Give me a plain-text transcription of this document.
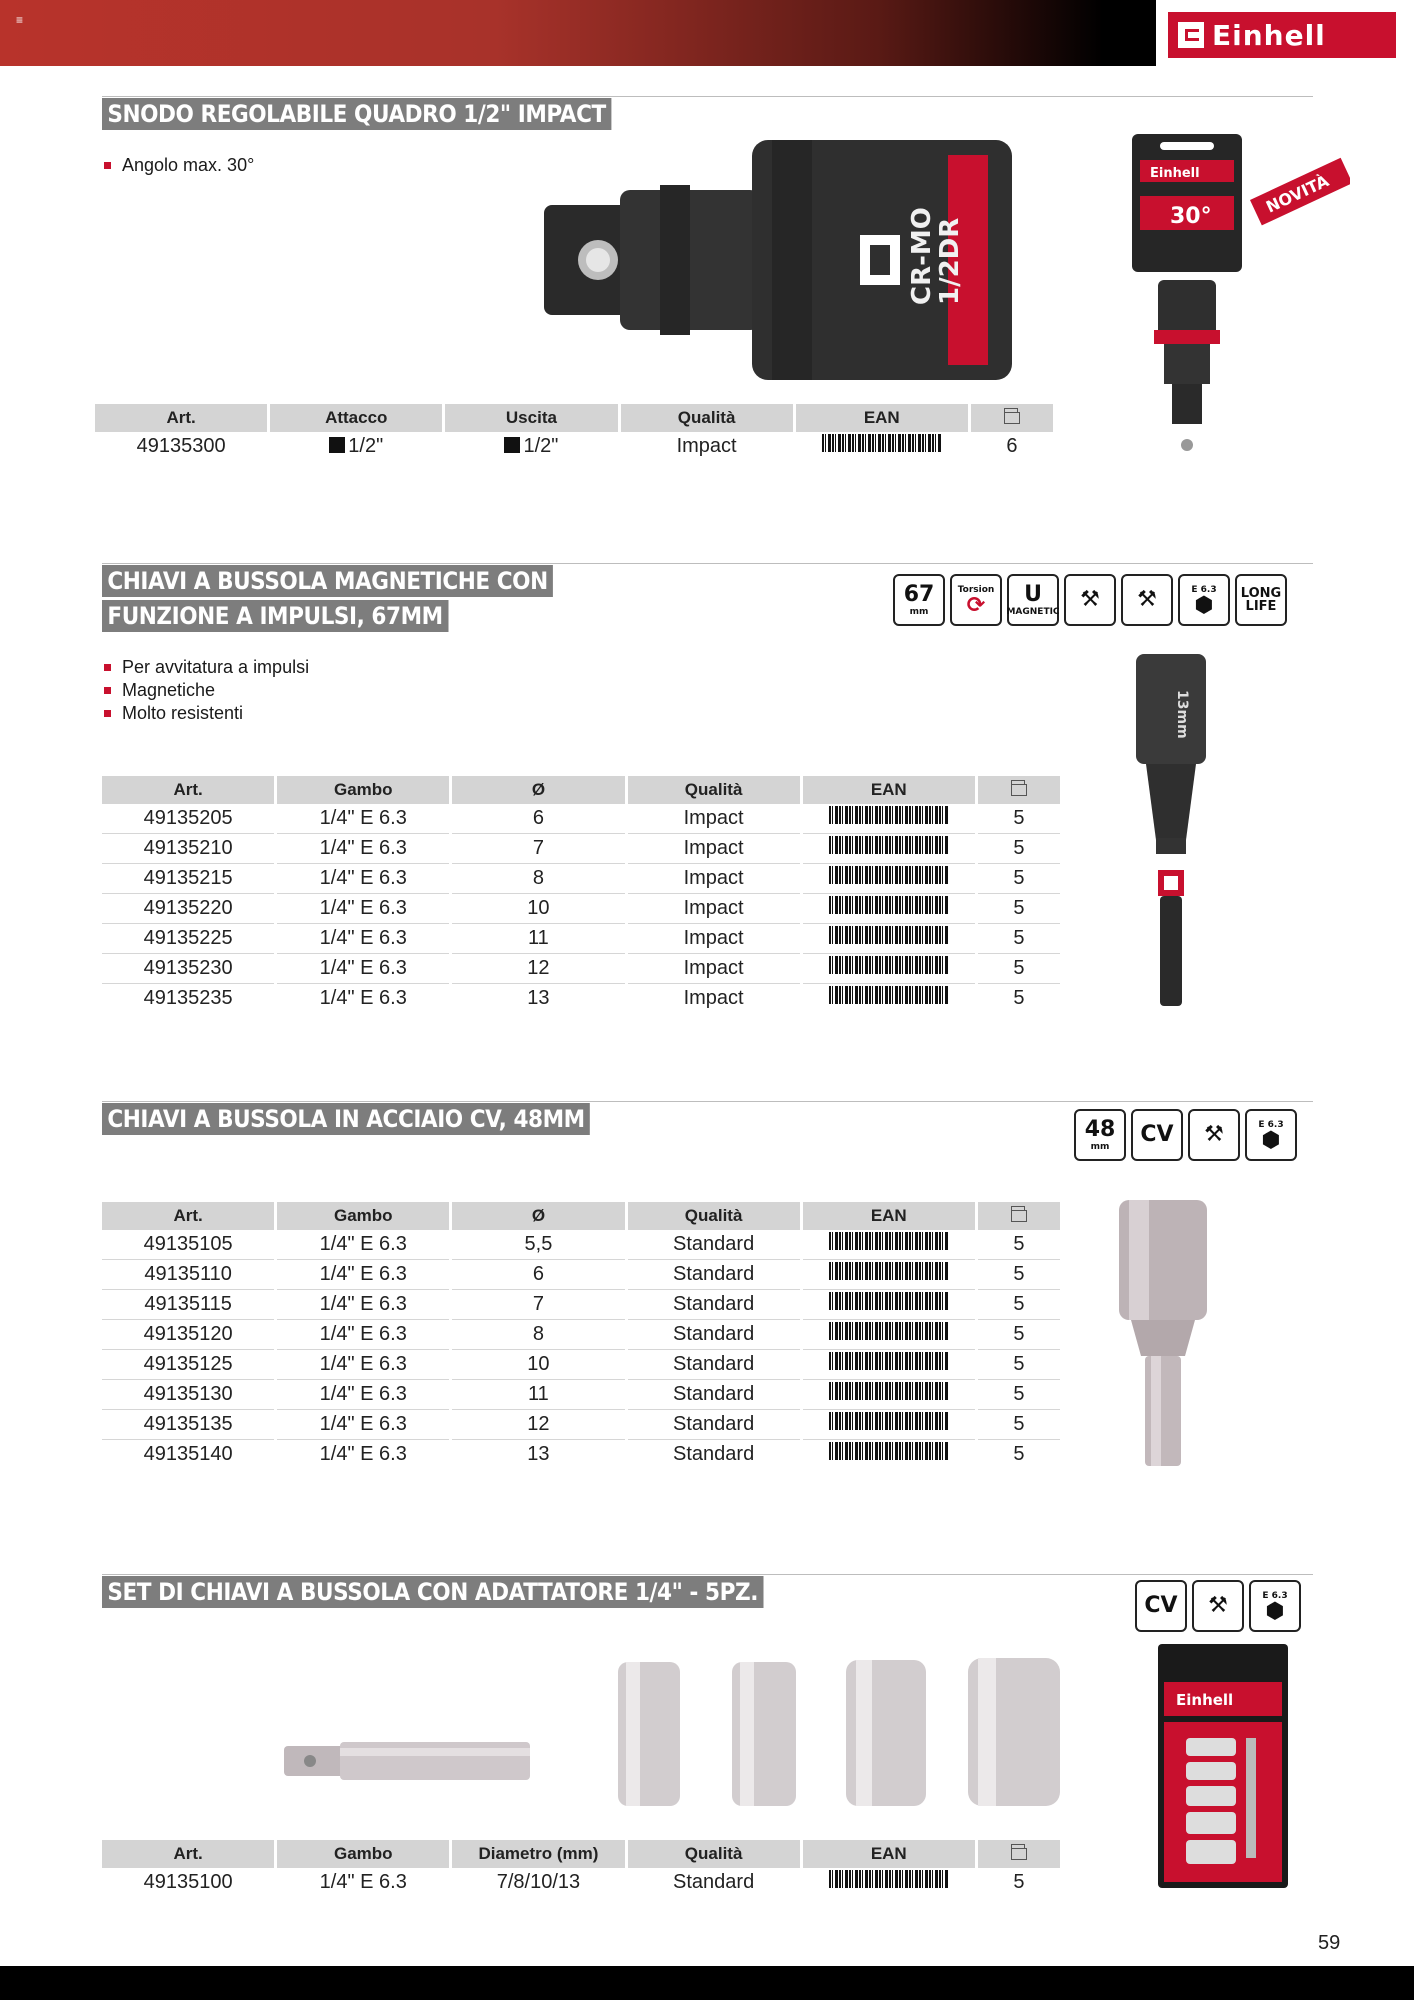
≡	Einhell
SNODO REGOLABILE QUADRO 1/2" IMPACT
Angolo max. 30°
CR-MO
1/2DR
Einhell
30°	NOVITÀ
Art.	Attacco	Uscita	Qualità	EAN	
49135300	1/2"	1/2"	Impact		6
CHIAVI A BUSSOLA MAGNETICHE CON
FUNZIONE A IMPULSI, 67MM
67
mm
Torsion
⟳ U
MAGNETIC ⚒ ⚒	E 6.3
⬢ LONG LIFE
Per avvitatura a impulsi
Magnetiche
Molto resistenti	13mm
Art.	Gambo	Ø	Qualità	EAN	
49135205	1/4" E 6.3	6	Impact		5
49135210	1/4" E 6.3	7	Impact		5
49135215	1/4" E 6.3	8	Impact		5
49135220	1/4" E 6.3	10	Impact		5
49135225	1/4" E 6.3	11	Impact		5
49135230	1/4" E 6.3	12	Impact		5
49135235	1/4" E 6.3	13	Impact		5
CHIAVI A BUSSOLA IN ACCIAIO CV, 48MM	48
mm CV ⚒	E 6.3
⬢
Art.	Gambo	Ø	Qualità	EAN	
49135105	1/4" E 6.3	5,5	Standard		5
49135110	1/4" E 6.3	6	Standard		5
49135115	1/4" E 6.3	7	Standard		5
49135120	1/4" E 6.3	8	Standard		5
49135125	1/4" E 6.3	10	Standard		5
49135130	1/4" E 6.3	11	Standard		5
49135135	1/4" E 6.3	12	Standard		5
49135140	1/4" E 6.3	13	Standard		5
SET DI CHIAVI A BUSSOLA CON ADATTATORE 1/4" - 5PZ.	CV ⚒	E 6.3
⬢
Einhell
Art.	Gambo	Diametro (mm)	Qualità	EAN	
49135100	1/4" E 6.3	7/8/10/13	Standard		5
59
